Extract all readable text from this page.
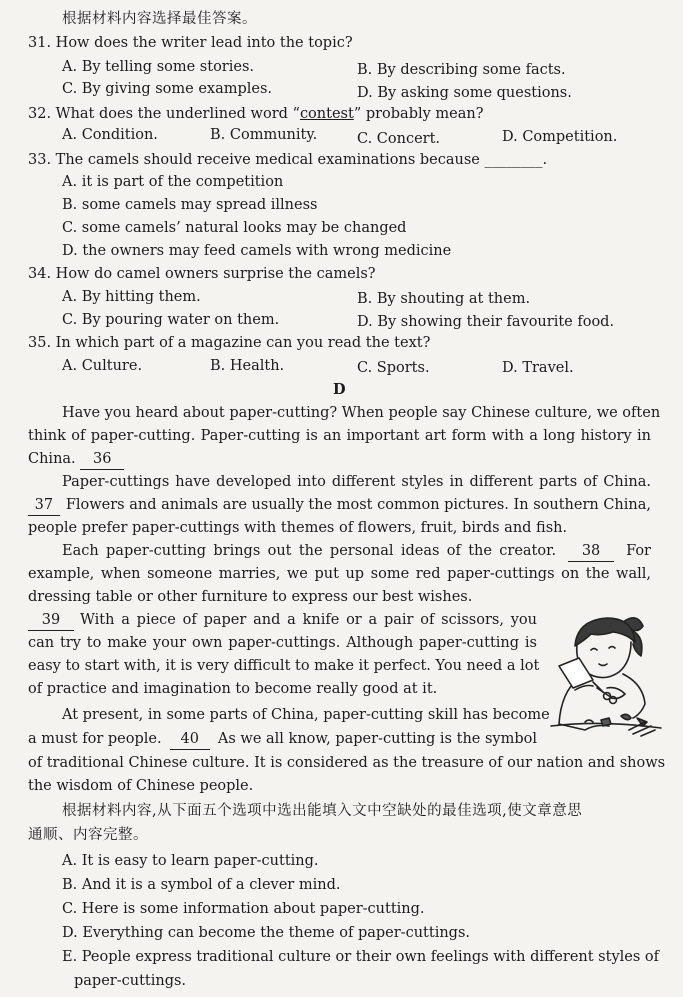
根据材料内容选择最佳答案。
31. How does the writer lead into the topic?
A. By telling some stories.	B. By describing some facts.
C. By giving some examples.	D. By asking some questions.
32. What does the underlined word “contest” probably mean?
A. Condition.	B. Community.	C. Concert.	D. Competition.
33. The camels should receive medical examinations because ________.
A. it is part of the competition
B. some camels may spread illness
C. some camels’ natural looks may be changed
D. the owners may feed camels with wrong medicine
34. How do camel owners surprise the camels?
A. By hitting them.	B. By shouting at them.
C. By pouring water on them.	D. By showing their favourite food.
35. In which part of a magazine can you read the text?
A. Culture.	B. Health.	C. Sports.	D. Travel.
D
Have you heard about paper-cutting? When people say Chinese culture, we often
think of paper-cutting. Paper-cutting is an important art form with a long history in
China. 36
Paper-cuttings have developed into different styles in different parts of China.
37 Flowers and animals are usually the most common pictures. In southern China,
people prefer paper-cuttings with themes of flowers, fruit, birds and fish.
Each paper-cutting brings out the personal ideas of the creator.	38	For
example, when someone marries, we put up some red paper-cuttings on the wall,
dressing table or other furniture to express our best wishes.
39	With a piece of paper and a knife or a pair of scissors, you
can try to make your own paper-cuttings. Although paper-cutting is
easy to start with, it is very difficult to make it perfect. You need a lot
of practice and imagination to become really good at it.
At present, in some parts of China, paper-cutting skill has become
a must for people.	40	As we all know, paper-cutting is the symbol
of traditional Chinese culture. It is considered as the treasure of our nation and shows
the wisdom of Chinese people.
根据材料内容,从下面五个选项中选出能填入文中空缺处的最佳选项,使文章意思
通顺、内容完整。
A. It is easy to learn paper-cutting.
B. And it is a symbol of a clever mind.
C. Here is some information about paper-cutting.
D. Everything can become the theme of paper-cuttings.
E. People express traditional culture or their own feelings with different styles of
paper-cuttings.
